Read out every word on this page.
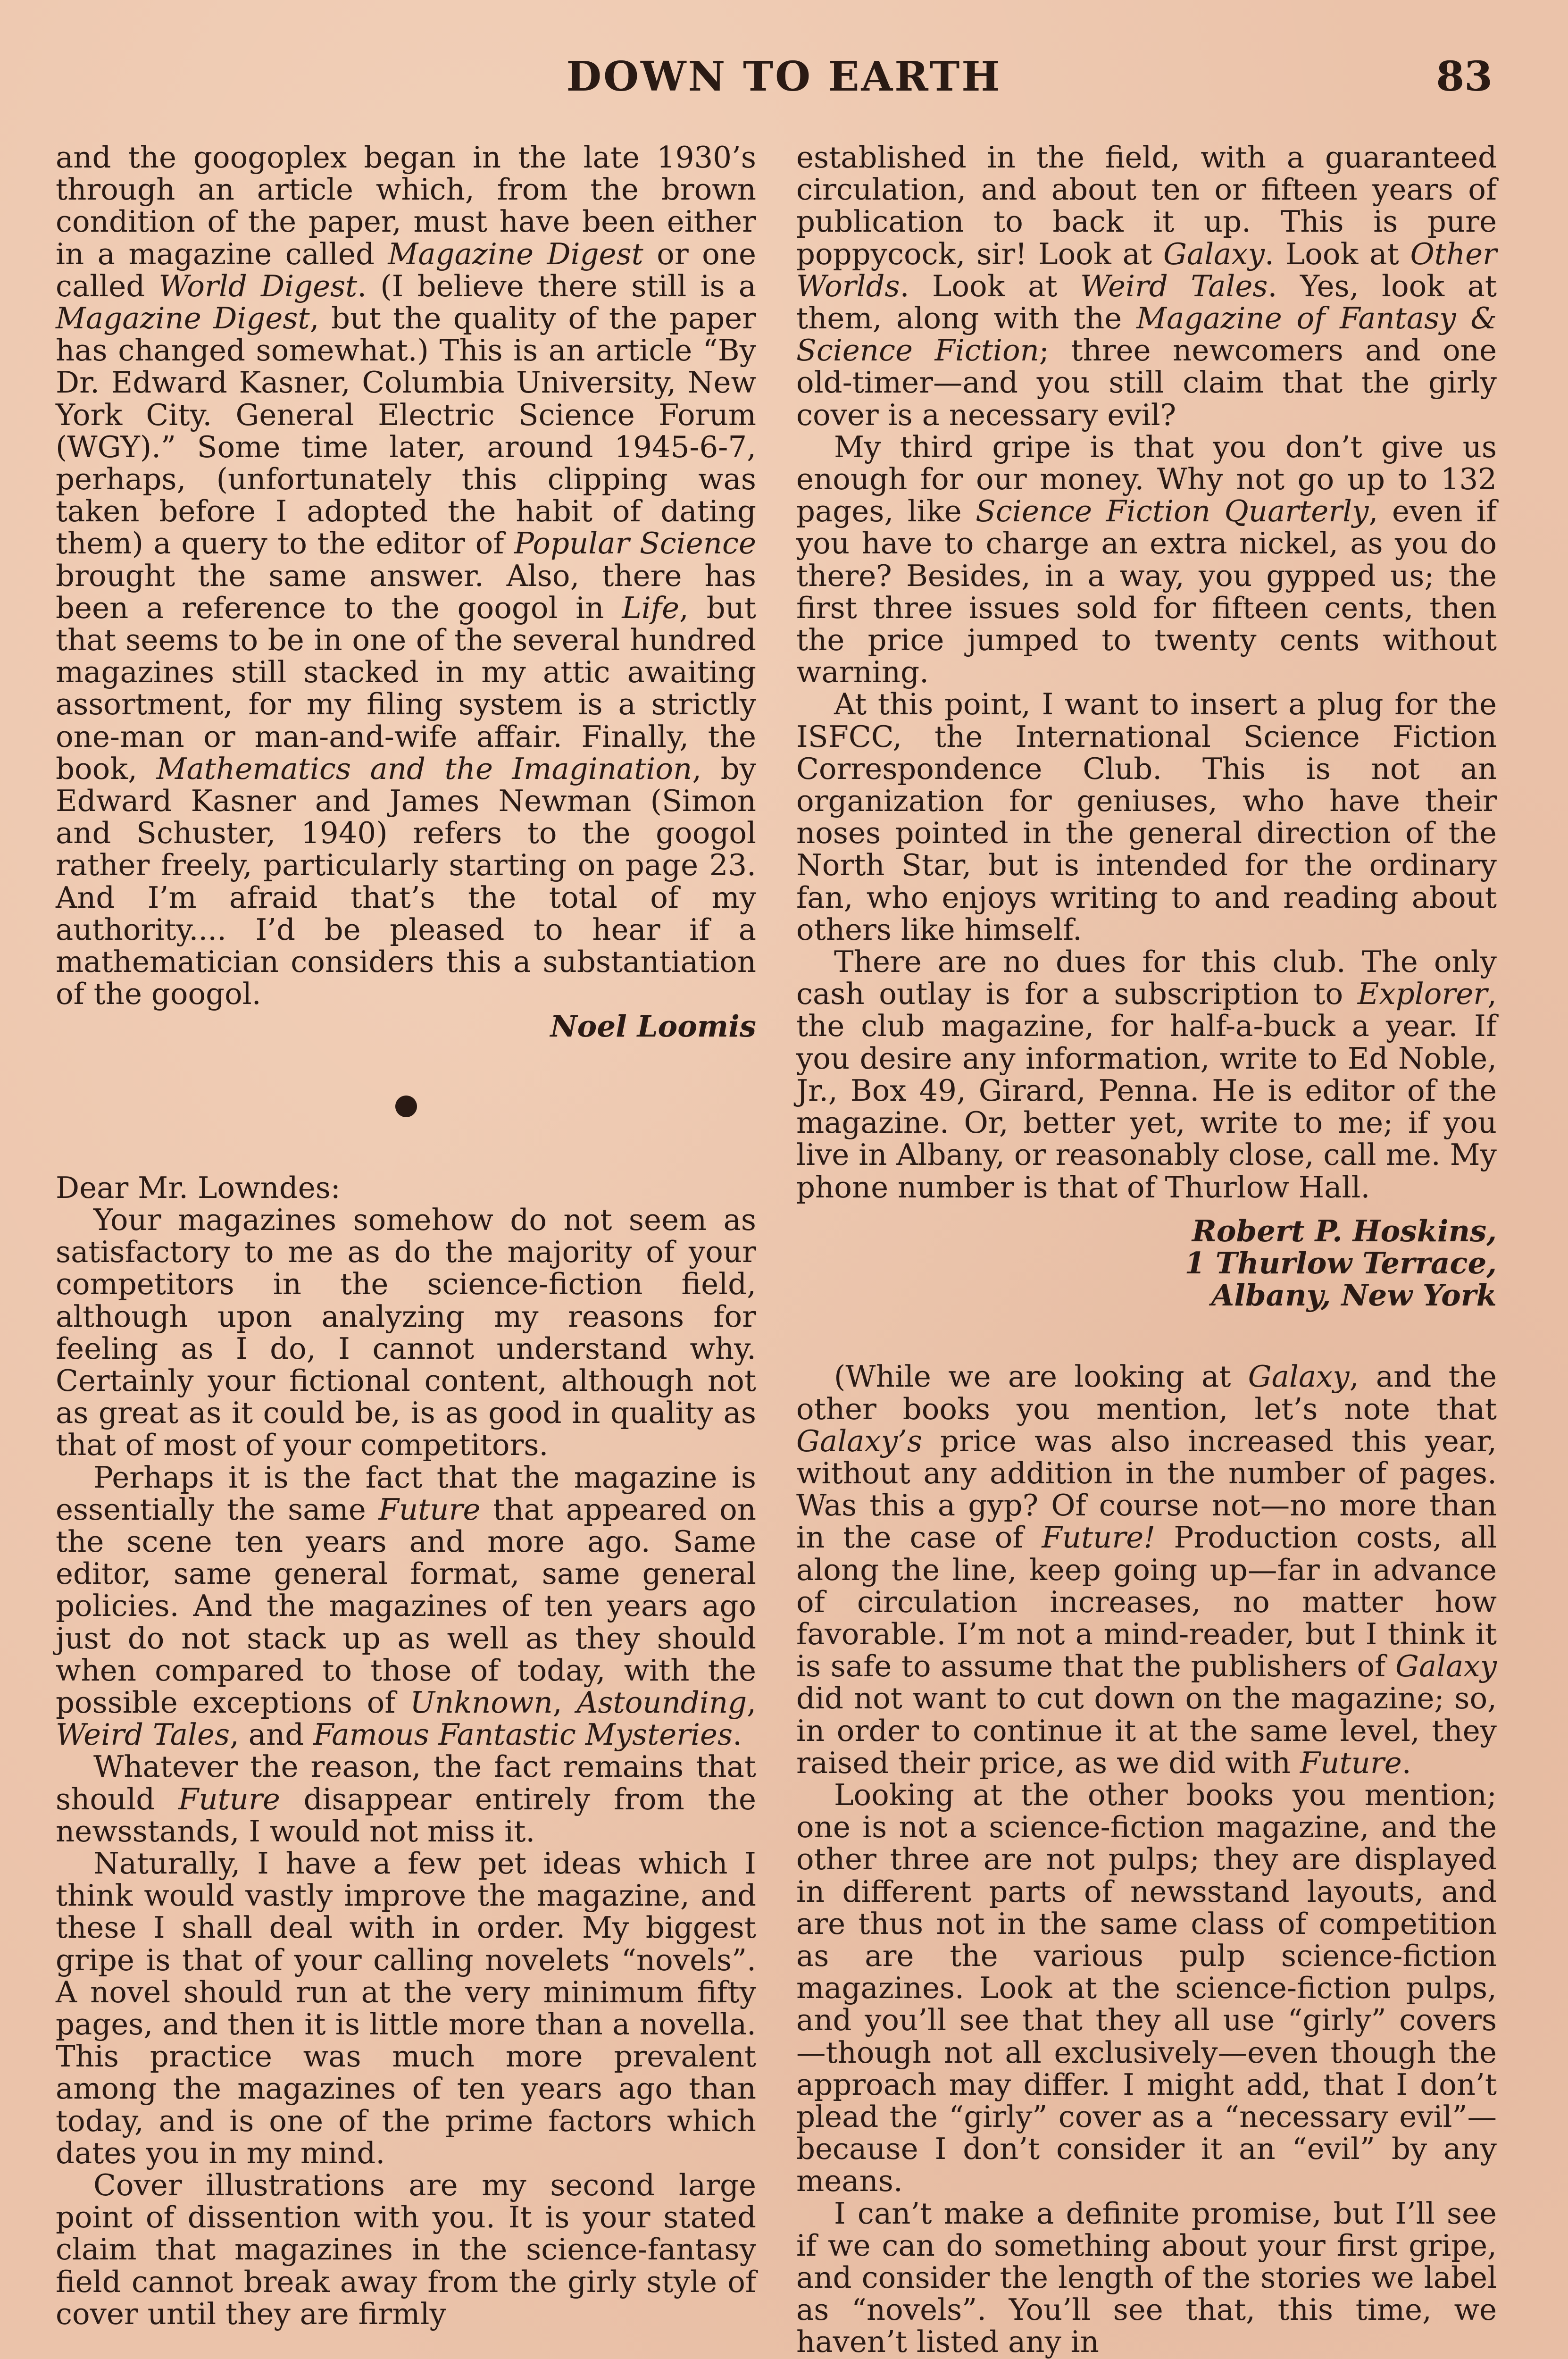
DOWN TO EARTH	83

and the googoplex began in the late 1930’s through an article which, from the brown condition of the paper, must have been either in a magazine called Magazine Digest or one called World Digest. (I believe there still is a Magazine Digest, but the quality of the paper has changed somewhat.) This is an article “By Dr. Edward Kasner, Columbia University, New York City. General Electric Science Forum (WGY).” Some time later, around 1945-6-7, perhaps, (unfortunately this clipping was taken before I adopted the habit of dating them) a query to the editor of Popular Science brought the same answer. Also, there has been a reference to the googol in Life, but that seems to be in one of the several hundred magazines still stacked in my attic awaiting assortment, for my filing system is a strictly one-man or man-and-wife affair. Finally, the book, Mathematics and the Imagination, by Edward Kasner and James Newman (Simon and Schuster, 1940) refers to the googol rather freely, particularly starting on page 23. And I’m afraid that’s the total of my authority.... I’d be pleased to hear if a mathematician considers this a substantiation of the googol.

Noel Loomis

Dear Mr. Lowndes:

Your magazines somehow do not seem as satisfactory to me as do the majority of your competitors in the science-fiction field, although upon analyzing my reasons for feeling as I do, I cannot understand why. Certainly your fictional content, although not as great as it could be, is as good in quality as that of most of your competitors.

Perhaps it is the fact that the magazine is essentially the same Future that appeared on the scene ten years and more ago. Same editor, same general format, same general policies. And the magazines of ten years ago just do not stack up as well as they should when compared to those of today, with the possible exceptions of Unknown, Astounding, Weird Tales, and Famous Fantastic Mysteries.

Whatever the reason, the fact remains that should Future disappear entirely from the newsstands, I would not miss it.

Naturally, I have a few pet ideas which I think would vastly improve the magazine, and these I shall deal with in order. My biggest gripe is that of your calling novelets “novels”. A novel should run at the very minimum fifty pages, and then it is little more than a novella. This practice was much more prevalent among the magazines of ten years ago than today, and is one of the prime factors which dates you in my mind.

Cover illustrations are my second large point of dissention with you. It is your stated claim that magazines in the science-fantasy field cannot break away from the girly style of cover until they are firmly

established in the field, with a guaranteed circulation, and about ten or fifteen years of publication to back it up. This is pure poppycock, sir! Look at Galaxy. Look at Other Worlds. Look at Weird Tales. Yes, look at them, along with the Magazine of Fantasy & Science Fiction; three newcomers and one old-timer—and you still claim that the girly cover is a necessary evil?

My third gripe is that you don’t give us enough for our money. Why not go up to 132 pages, like Science Fiction Quarterly, even if you have to charge an extra nickel, as you do there? Besides, in a way, you gypped us; the first three issues sold for fifteen cents, then the price jumped to twenty cents without warning.

At this point, I want to insert a plug for the ISFCC, the International Science Fiction Correspondence Club. This is not an organization for geniuses, who have their noses pointed in the general direction of the North Star, but is intended for the ordinary fan, who enjoys writing to and reading about others like himself.

There are no dues for this club. The only cash outlay is for a subscription to Explorer, the club magazine, for half-a-buck a year. If you desire any information, write to Ed Noble, Jr., Box 49, Girard, Penna. He is editor of the magazine. Or, better yet, write to me; if you live in Albany, or reasonably close, call me. My phone number is that of Thurlow Hall.

Robert P. Hoskins,

1 Thurlow Terrace,

Albany, New York

(While we are looking at Galaxy, and the other books you mention, let’s note that Galaxy’s price was also increased this year, without any addition in the number of pages. Was this a gyp? Of course not—no more than in the case of Future! Production costs, all along the line, keep going up—far in advance of circulation increases, no matter how favorable. I’m not a mind-reader, but I think it is safe to assume that the publishers of Galaxy did not want to cut down on the magazine; so, in order to continue it at the same level, they raised their price, as we did with Future.

Looking at the other books you mention; one is not a science-fiction magazine, and the other three are not pulps; they are displayed in different parts of newsstand layouts, and are thus not in the same class of competition as are the various pulp science-fiction magazines. Look at the science-fiction pulps, and you’ll see that they all use “girly” covers—though not all exclusively—even though the approach may differ. I might add, that I don’t plead the “girly” cover as a “necessary evil”—because I don’t consider it an “evil” by any means.

I can’t make a definite promise, but I’ll see if we can do something about your first gripe, and consider the length of the stories we label as “novels”. You’ll see that, this time, we haven’t listed any in
